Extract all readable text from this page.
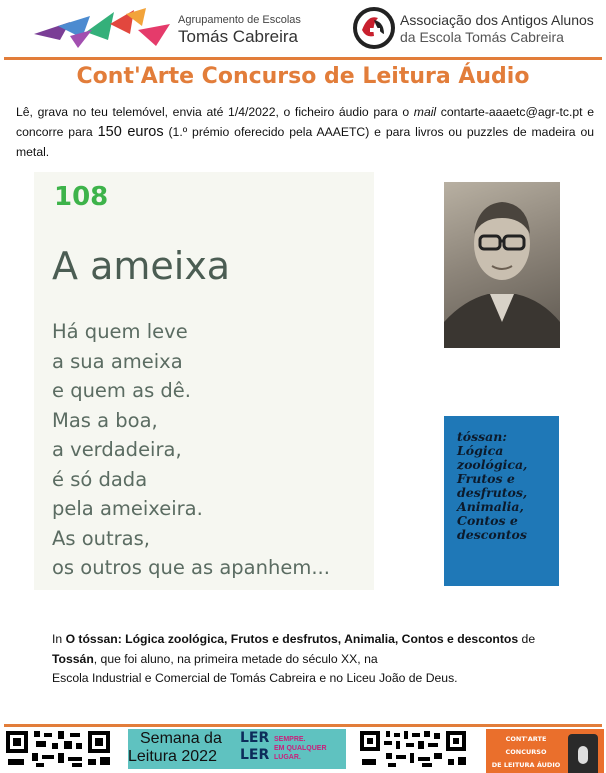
Agrupamento de Escolas
Tomás Cabreira
Associação dos Antigos Alunos
da Escola Tomás Cabreira
Cont'Arte Concurso de Leitura Áudio
Lê, grava no teu telemóvel, envia até 1/4/2022, o ficheiro áudio para o mail contarte-aaaetc@agr-tc.pt e concorre para 150 euros (1.º prémio oferecido pela AAAETC) e para livros ou puzzles de madeira ou metal.
108
A ameixa
Há quem leve
a sua ameixa
e quem as dê.
Mas a boa,
a verdadeira,
é só dada
pela ameixeira.
As outras,
os outros que as apanhem...
tóssan:
Lógica
zoológica,
Frutos e
desfrutos,
Animalia,
Contos e
descontos
In O tóssan: Lógica zoológica, Frutos e desfrutos, Animalia, Contos e descontos de
Tossán, que foi aluno, na primeira metade do século XX, na
Escola Industrial e Comercial de Tomás Cabreira e no Liceu João de Deus.
Semana da
Leitura 2022
LER
LER
SEMPRE.
EM QUALQUER
LUGAR.
CONT'ARTE
CONCURSO
DE LEITURA ÁUDIO
